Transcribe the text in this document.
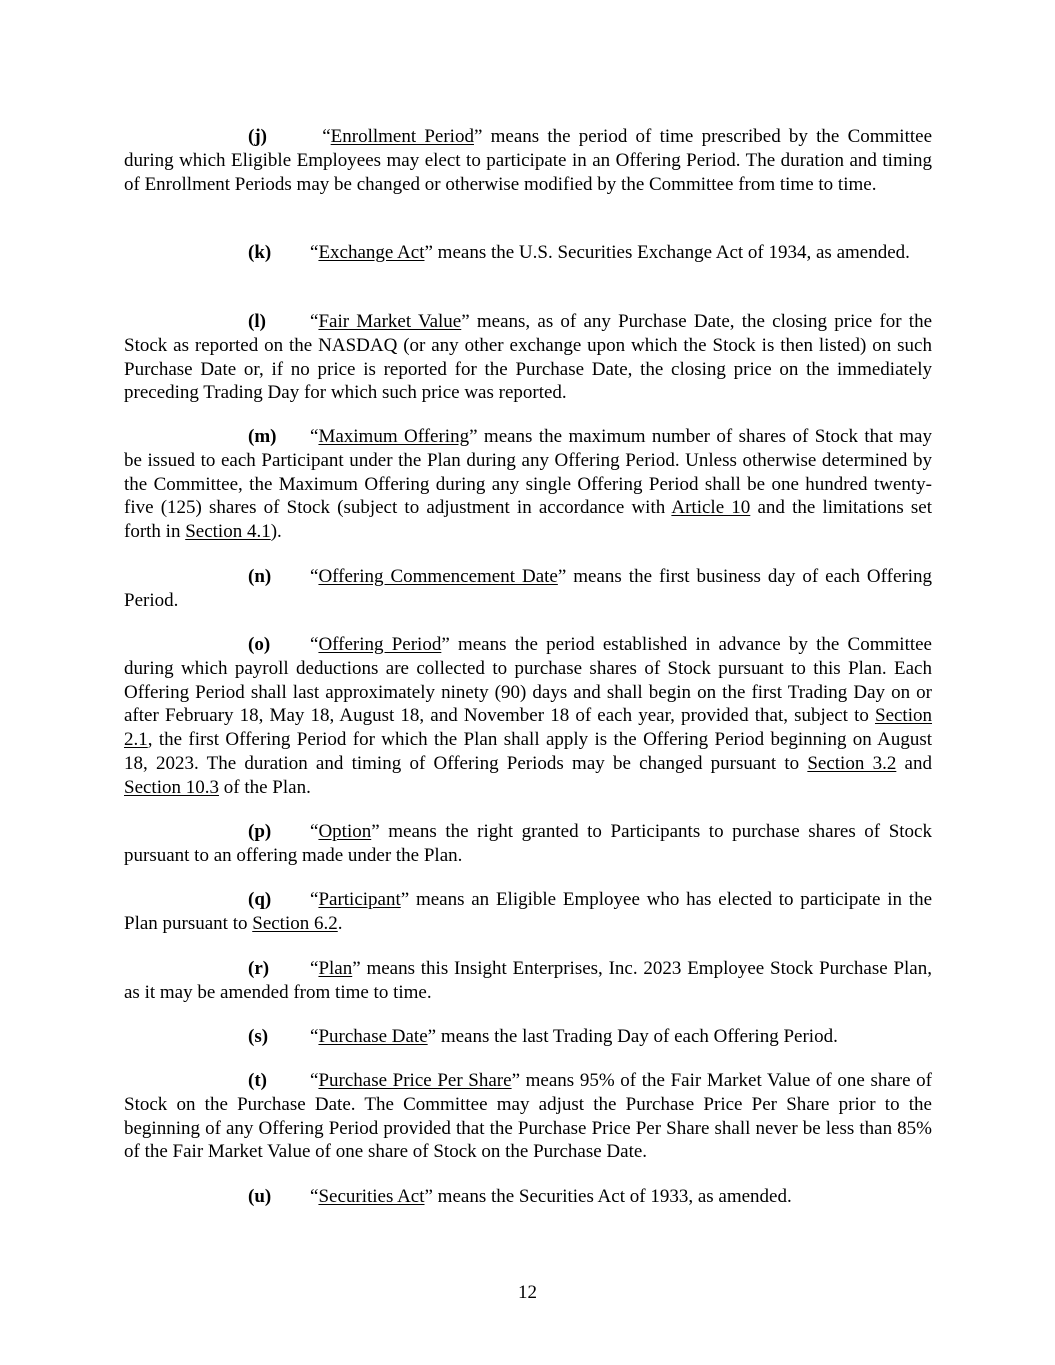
(j) “Enrollment Period” means the period of time prescribed by the Committee during which Eligible Employees may elect to participate in an Offering Period. The duration and timing of Enrollment Periods may be changed or otherwise modified by the Committee from time to time.

(k) “Exchange Act” means the U.S. Securities Exchange Act of 1934, as amended.

(l) “Fair Market Value” means, as of any Purchase Date, the closing price for the Stock as reported on the NASDAQ (or any other exchange upon which the Stock is then listed) on such Purchase Date or, if no price is reported for the Purchase Date, the closing price on the immediately preceding Trading Day for which such price was reported.

(m) “Maximum Offering” means the maximum number of shares of Stock that may be issued to each Participant under the Plan during any Offering Period. Unless otherwise determined by the Committee, the Maximum Offering during any single Offering Period shall be one hundred twenty-five (125) shares of Stock (subject to adjustment in accordance with Article 10 and the limitations set forth in Section 4.1).

(n) “Offering Commencement Date” means the first business day of each Offering Period.

(o) “Offering Period” means the period established in advance by the Committee during which payroll deductions are collected to purchase shares of Stock pursuant to this Plan. Each Offering Period shall last approximately ninety (90) days and shall begin on the first Trading Day on or after February 18, May 18, August 18, and November 18 of each year, provided that, subject to Section 2.1, the first Offering Period for which the Plan shall apply is the Offering Period beginning on August 18, 2023. The duration and timing of Offering Periods may be changed pursuant to Section 3.2 and Section 10.3 of the Plan.

(p) “Option” means the right granted to Participants to purchase shares of Stock pursuant to an offering made under the Plan.

(q) “Participant” means an Eligible Employee who has elected to participate in the Plan pursuant to Section 6.2.

(r) “Plan” means this Insight Enterprises, Inc. 2023 Employee Stock Purchase Plan, as it may be amended from time to time.

(s) “Purchase Date” means the last Trading Day of each Offering Period.

(t) “Purchase Price Per Share” means 95% of the Fair Market Value of one share of Stock on the Purchase Date. The Committee may adjust the Purchase Price Per Share prior to the beginning of any Offering Period provided that the Purchase Price Per Share shall never be less than 85% of the Fair Market Value of one share of Stock on the Purchase Date.

(u) “Securities Act” means the Securities Act of 1933, as amended.

12
